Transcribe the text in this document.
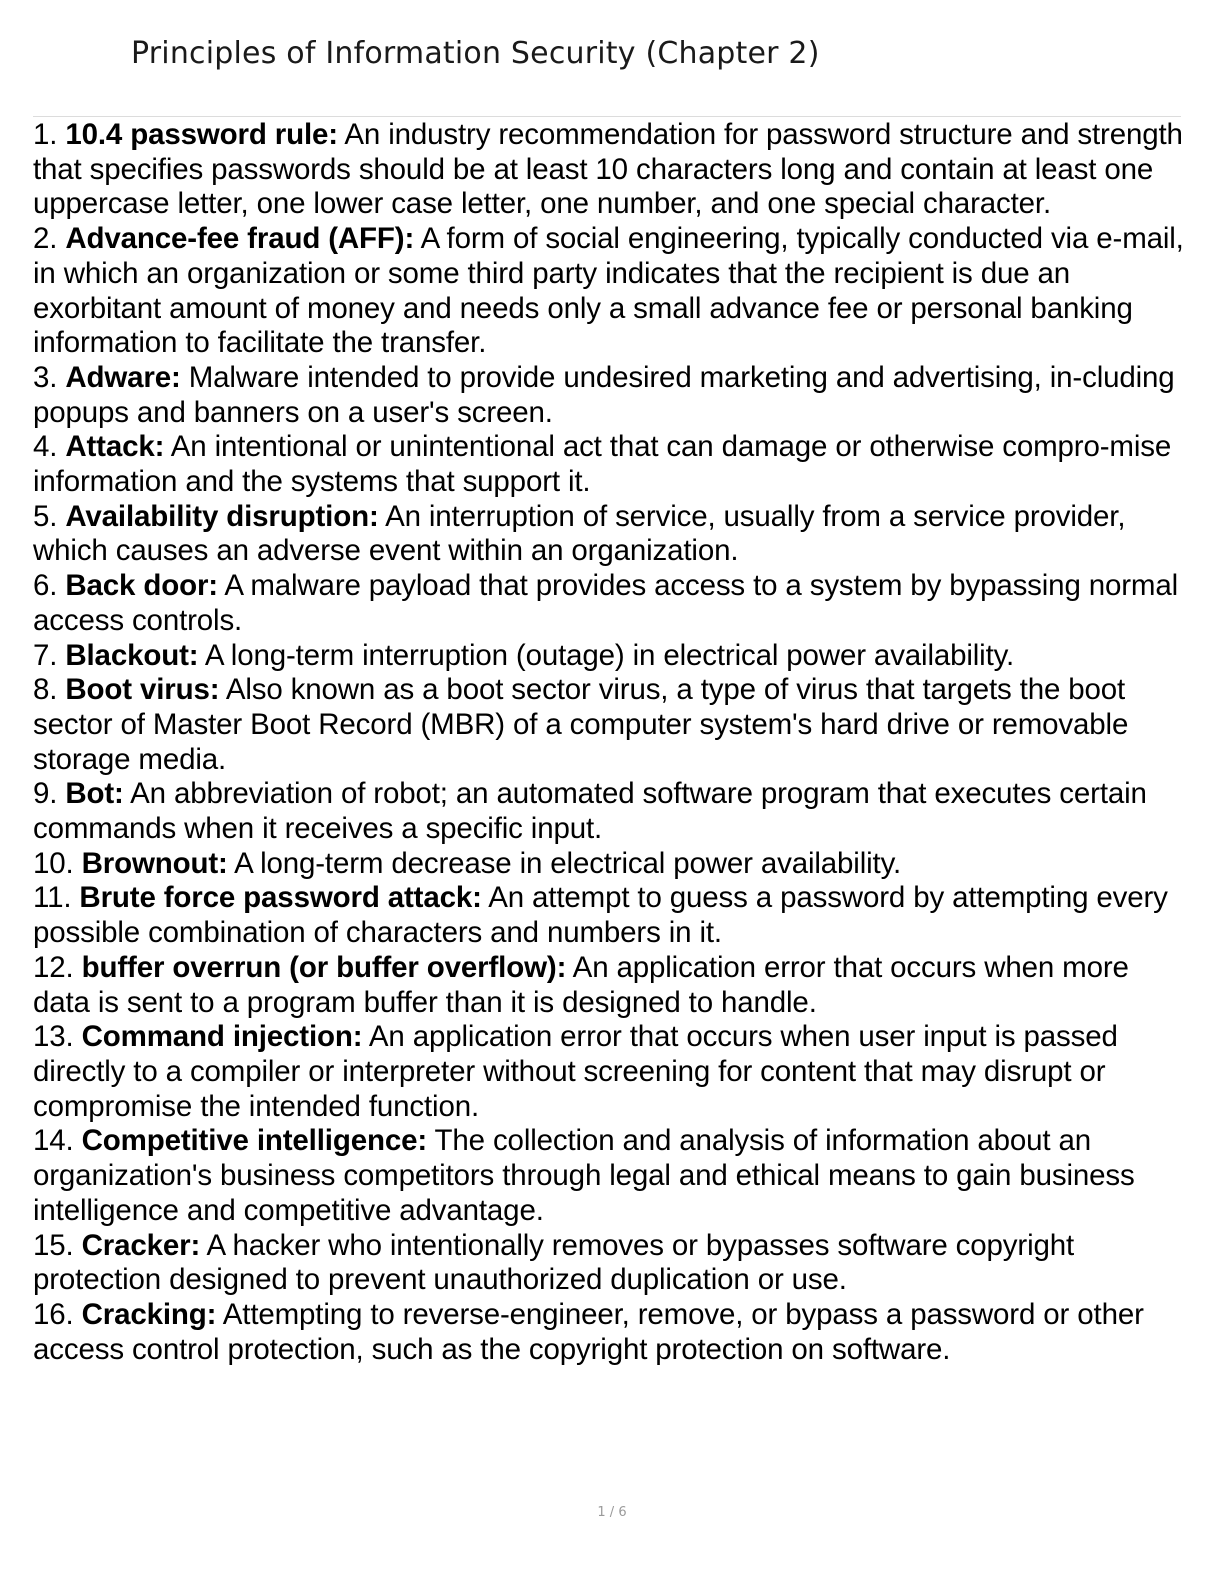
Principles of Information Security (Chapter 2)

1. 10.4 password rule: An industry recommendation for password structure and strength that specifies passwords should be at least 10 characters long and contain at least one uppercase letter, one lower case letter, one number, and one special character.

2. Advance-fee fraud (AFF): A form of social engineering, typically conducted via e-mail, in which an organization or some third party indicates that the recipient is due an exorbitant amount of money and needs only a small advance fee or personal banking information to facilitate the transfer.

3. Adware: Malware intended to provide undesired marketing and advertising, in-cluding popups and banners on a user's screen.

4. Attack: An intentional or unintentional act that can damage or otherwise compro-mise information and the systems that support it.

5. Availability disruption: An interruption of service, usually from a service provider, which causes an adverse event within an organization.

6. Back door: A malware payload that provides access to a system by bypassing normal access controls.

7. Blackout: A long-term interruption (outage) in electrical power availability.

8. Boot virus: Also known as a boot sector virus, a type of virus that targets the boot sector of Master Boot Record (MBR) of a computer system's hard drive or removable storage media.

9. Bot: An abbreviation of robot; an automated software program that executes certain commands when it receives a specific input.

10. Brownout: A long-term decrease in electrical power availability.

11. Brute force password attack: An attempt to guess a password by attempting every possible combination of characters and numbers in it.

12. buffer overrun (or buffer overflow): An application error that occurs when more data is sent to a program buffer than it is designed to handle.

13. Command injection: An application error that occurs when user input is passed directly to a compiler or interpreter without screening for content that may disrupt or compromise the intended function.

14. Competitive intelligence: The collection and analysis of information about an organization's business competitors through legal and ethical means to gain business intelligence and competitive advantage.

15. Cracker: A hacker who intentionally removes or bypasses software copyright protection designed to prevent unauthorized duplication or use.

16. Cracking: Attempting to reverse-engineer, remove, or bypass a password or other access control protection, such as the copyright protection on software.

1 / 6
